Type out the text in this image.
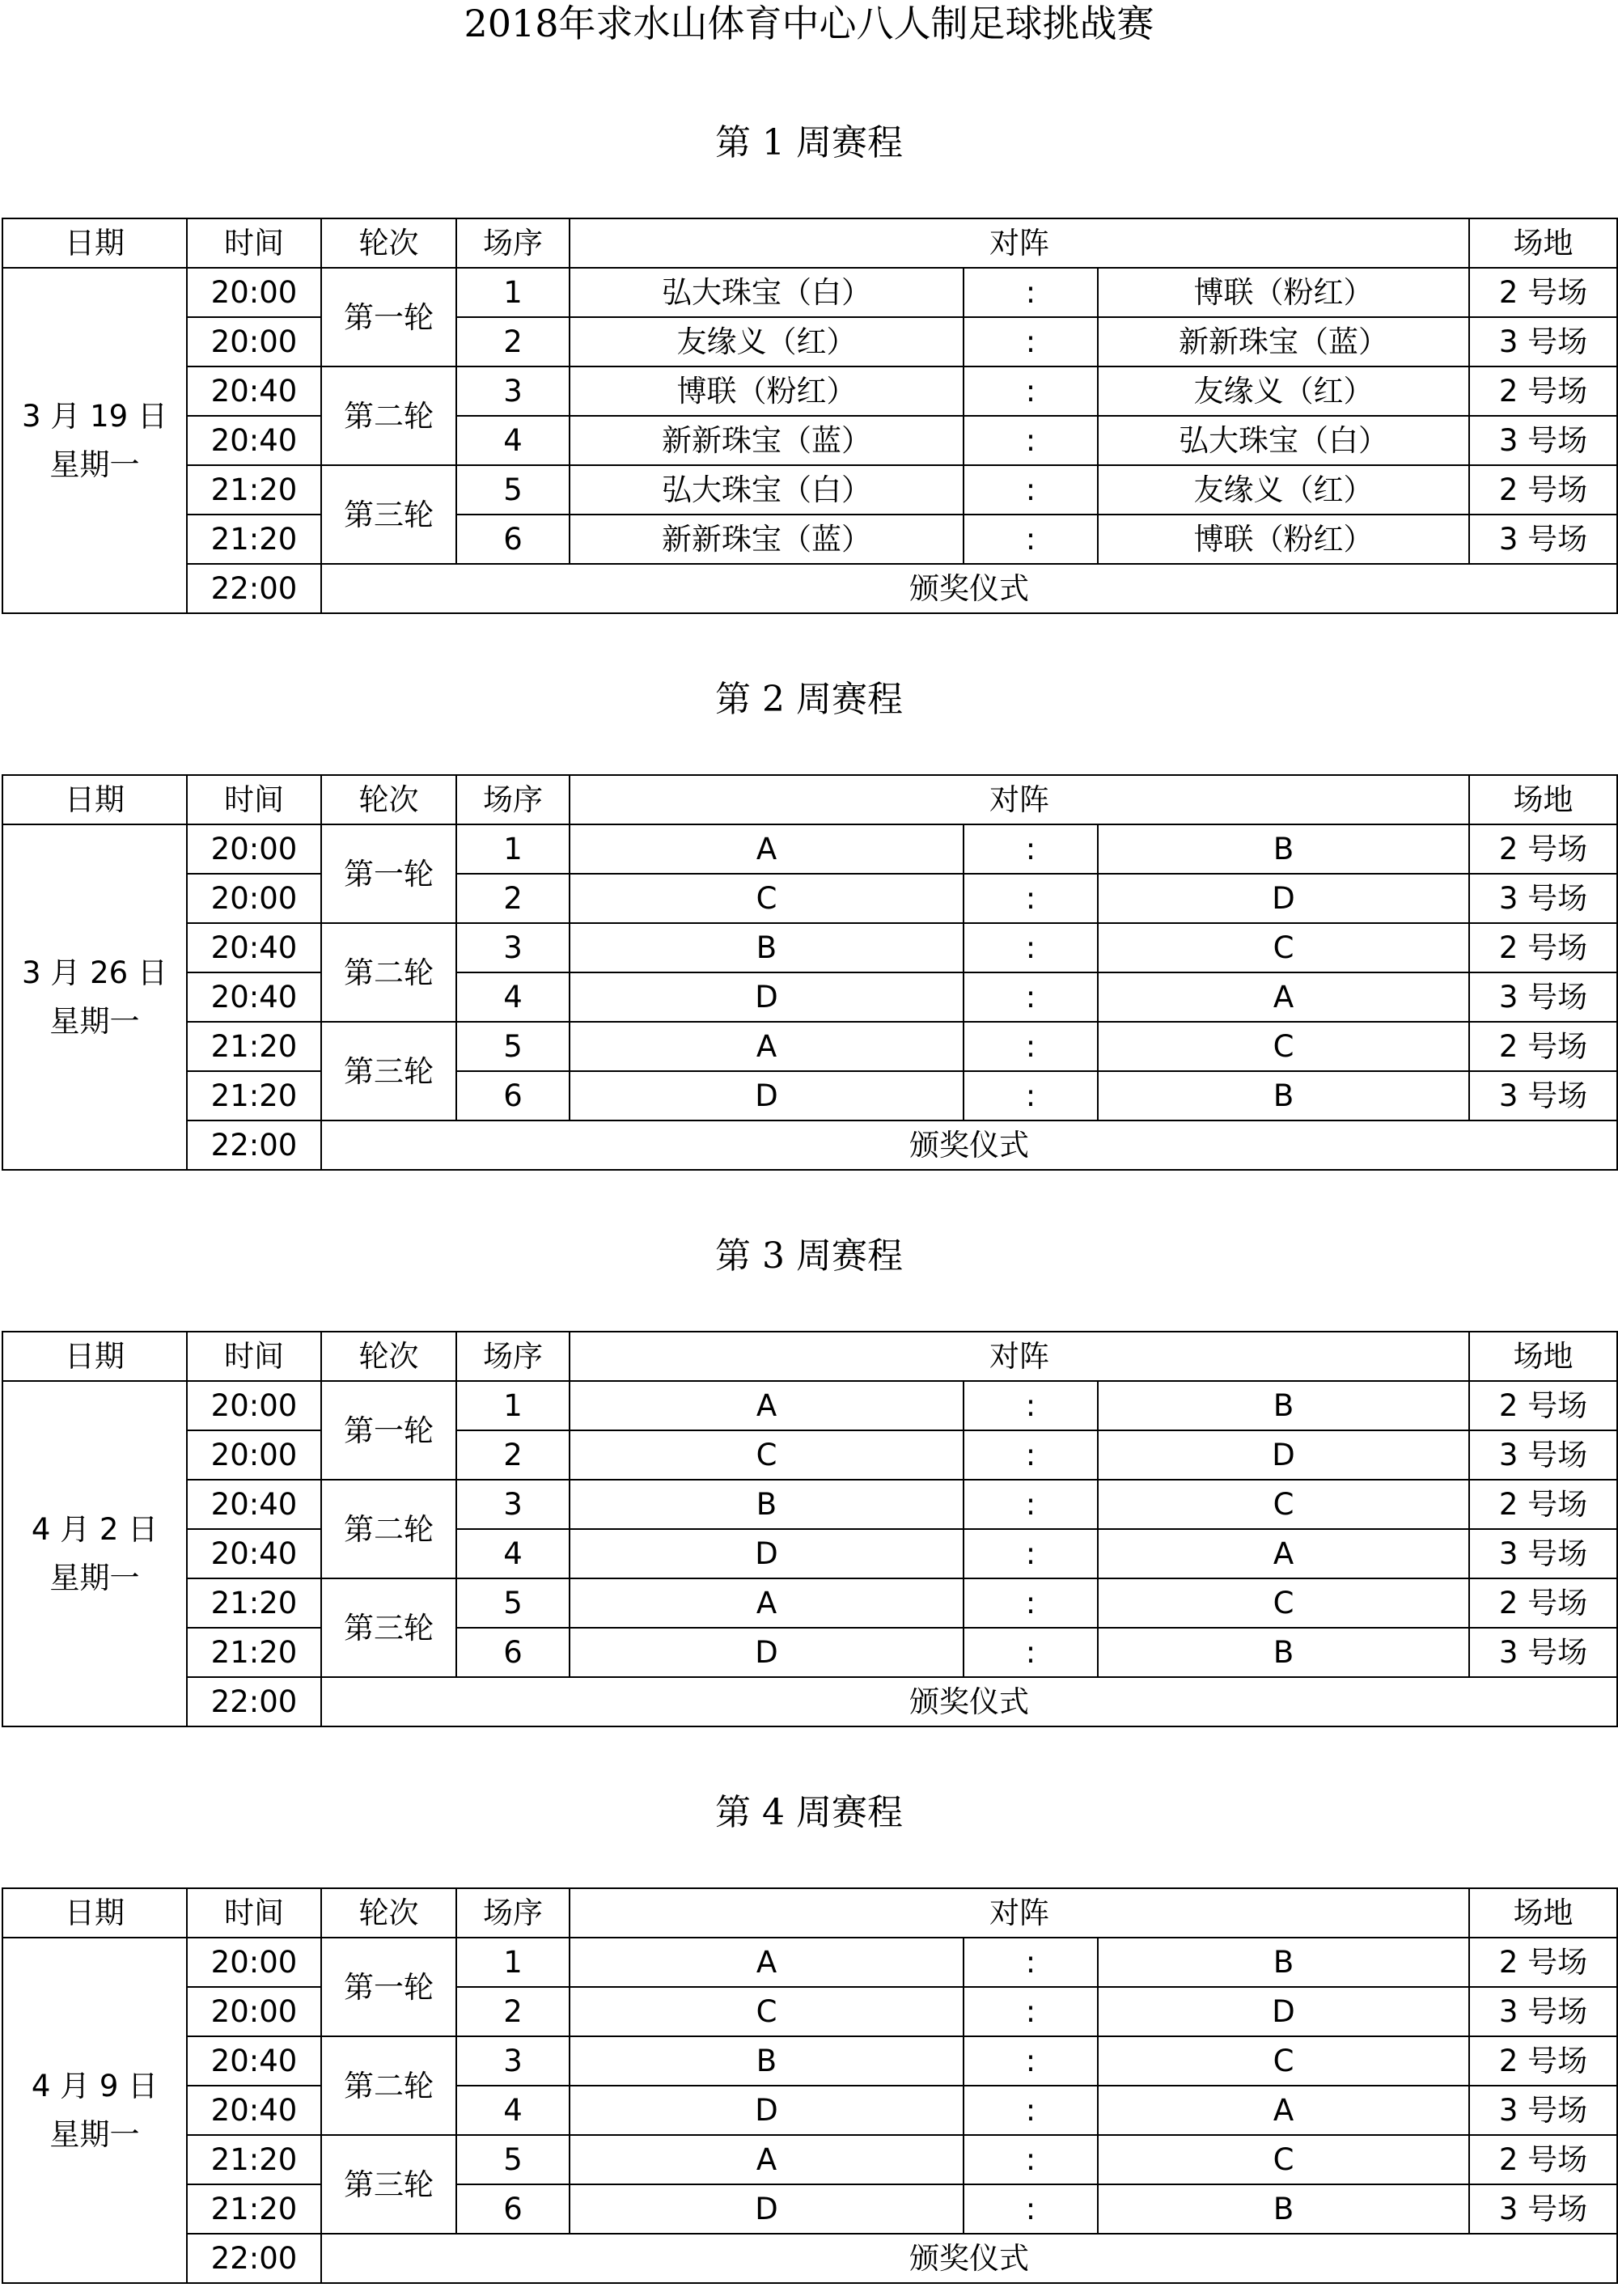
2018年求水山体育中心八人制足球挑战赛
第 1 周赛程
日期	时间	轮次	场序	对阵			场地

3 月 19 日
星期一	20:00	第一轮	1	弘大珠宝（白）	:	博联（粉红）	2 号场
	20:00		2	友缘义（红）	:	新新珠宝（蓝）	3 号场
	20:40	第二轮	3	博联（粉红）	:	友缘义（红）	2 号场
	20:40		4	新新珠宝（蓝）	:	弘大珠宝（白）	3 号场
	21:20	第三轮	5	弘大珠宝（白）	:	友缘义（红）	2 号场
	21:20		6	新新珠宝（蓝）	:	博联（粉红）	3 号场
	22:00	颁奖仪式					
第 2 周赛程
日期	时间	轮次	场序	对阵			场地

3 月 26 日
星期一	20:00	第一轮	1	A	:	B	2 号场
	20:00		2	C	:	D	3 号场
	20:40	第二轮	3	B	:	C	2 号场
	20:40		4	D	:	A	3 号场
	21:20	第三轮	5	A	:	C	2 号场
	21:20		6	D	:	B	3 号场
	22:00	颁奖仪式					
第 3 周赛程
日期	时间	轮次	场序	对阵			场地

4 月 2 日
星期一	20:00	第一轮	1	A	:	B	2 号场
	20:00		2	C	:	D	3 号场
	20:40	第二轮	3	B	:	C	2 号场
	20:40		4	D	:	A	3 号场
	21:20	第三轮	5	A	:	C	2 号场
	21:20		6	D	:	B	3 号场
	22:00	颁奖仪式					
第 4 周赛程
日期	时间	轮次	场序	对阵			场地

4 月 9 日
星期一	20:00	第一轮	1	A	:	B	2 号场
	20:00		2	C	:	D	3 号场
	20:40	第二轮	3	B	:	C	2 号场
	20:40		4	D	:	A	3 号场
	21:20	第三轮	5	A	:	C	2 号场
	21:20		6	D	:	B	3 号场
	22:00	颁奖仪式					
